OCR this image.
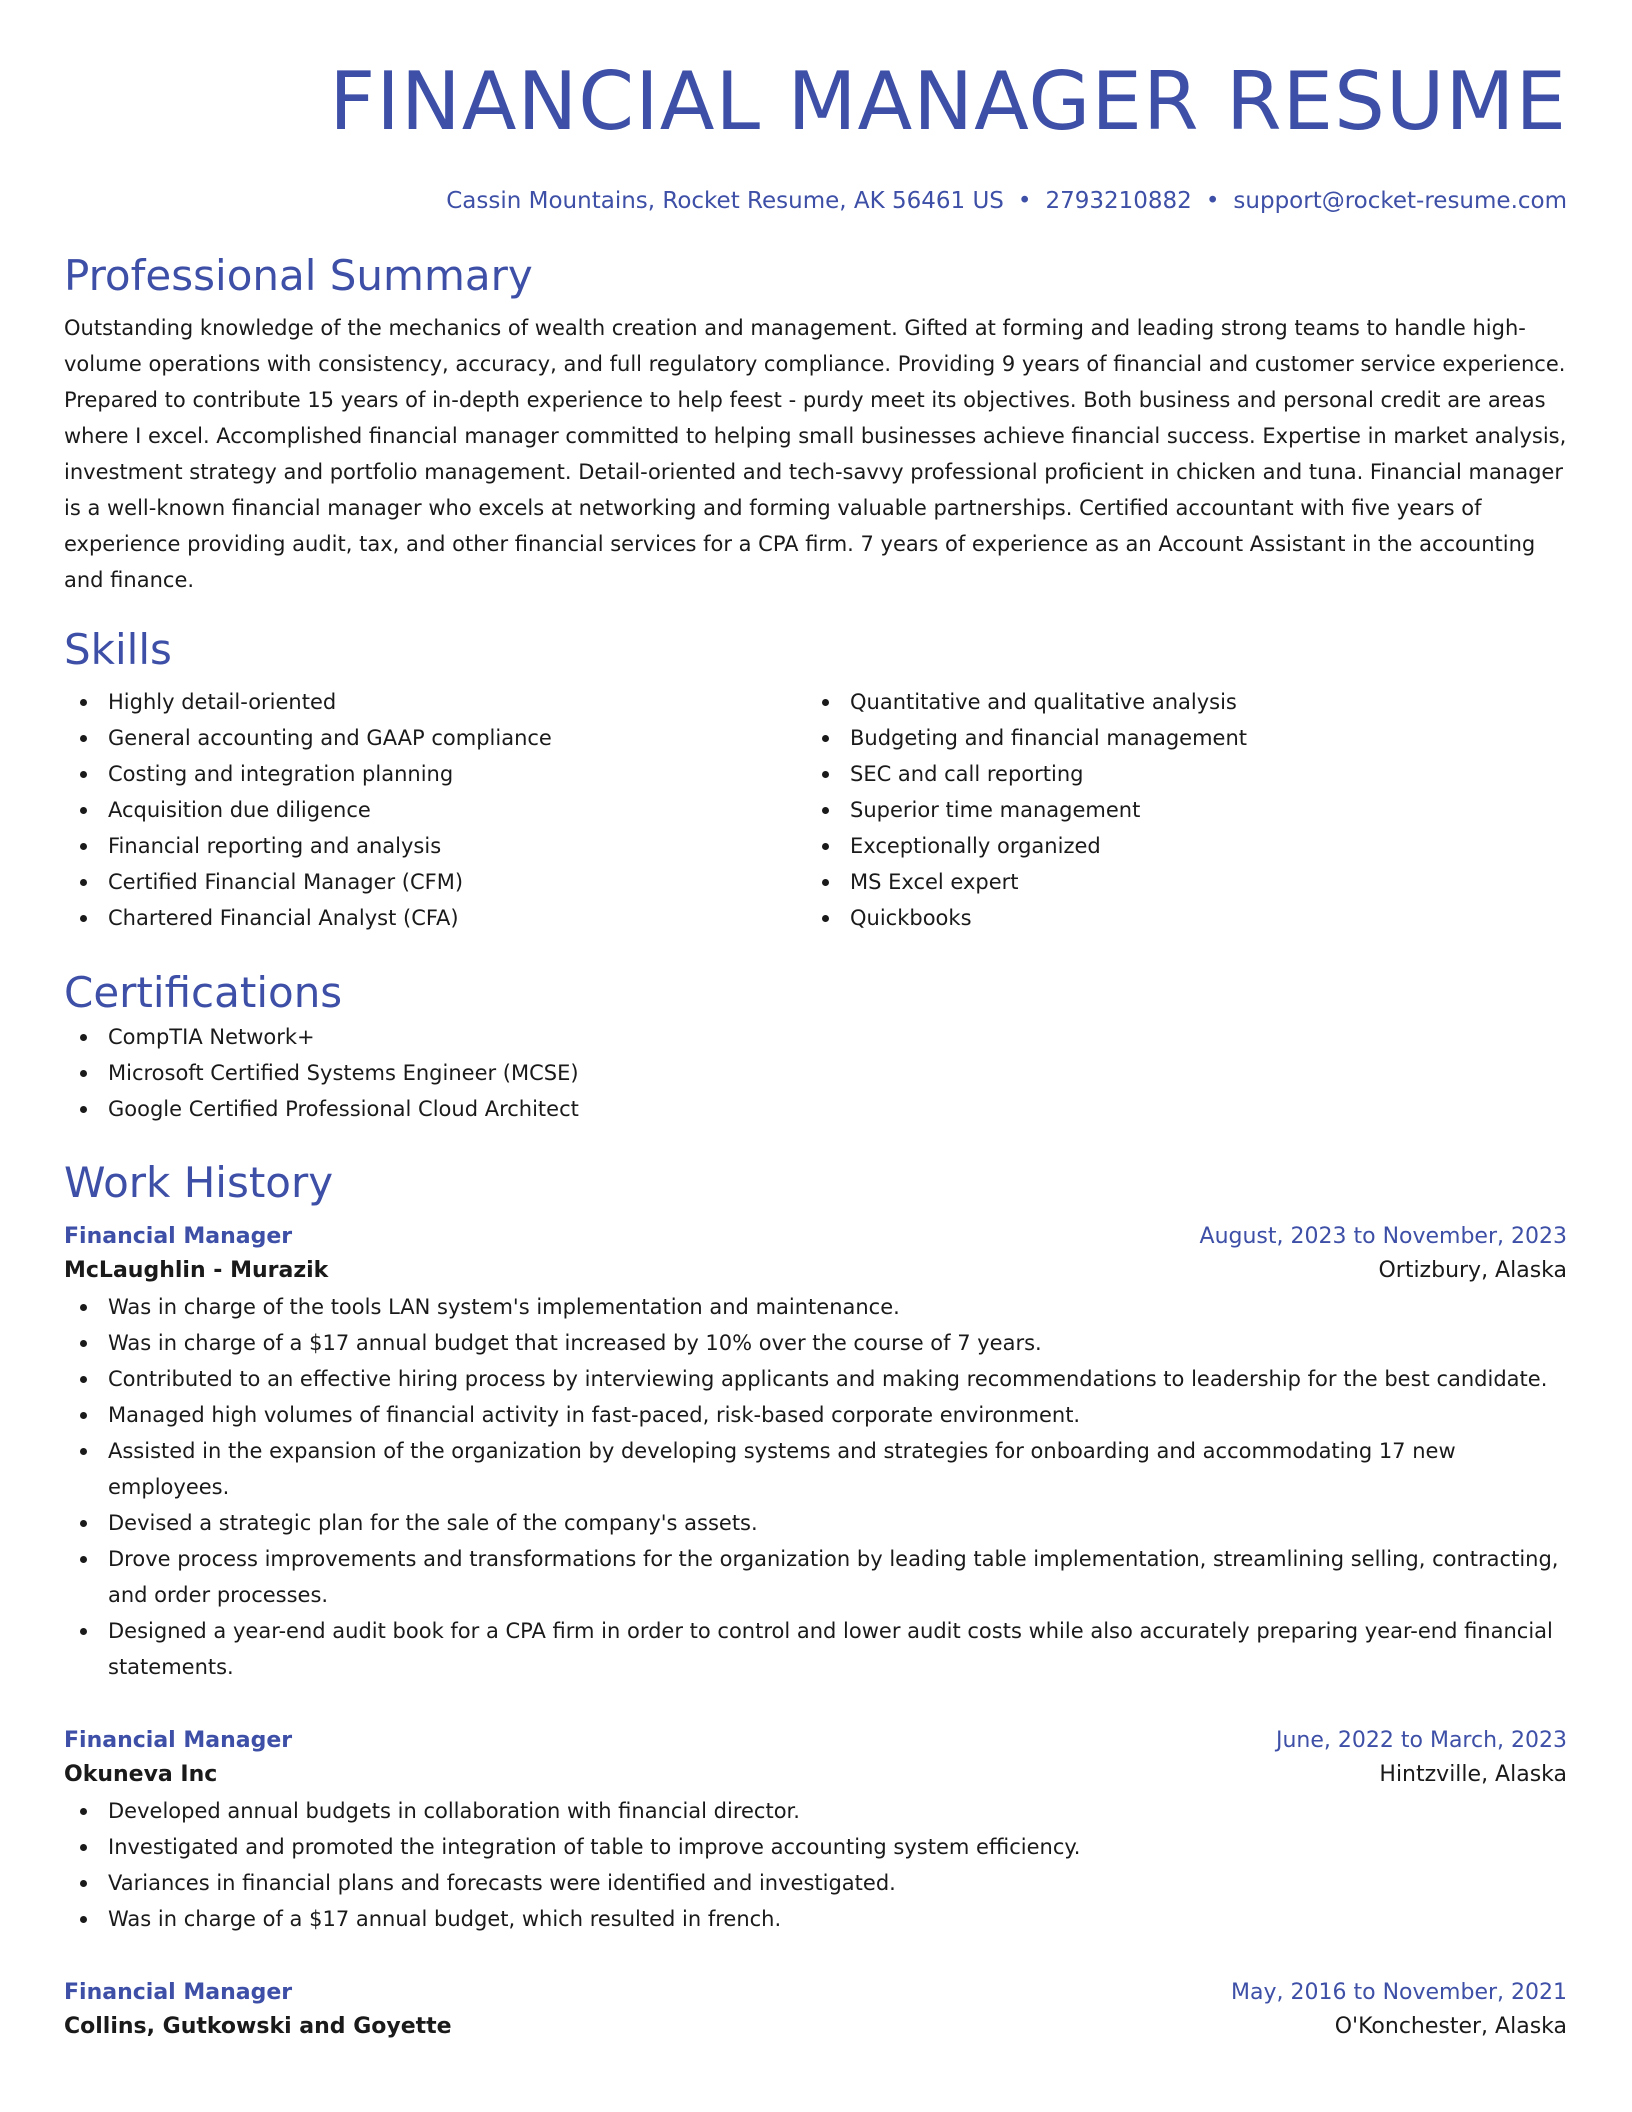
FINANCIAL MANAGER RESUME
Cassin Mountains, Rocket Resume, AK 56461 US • 2793210882 • support@rocket-resume.com
Professional Summary
Outstanding knowledge of the mechanics of wealth creation and management. Gifted at forming and leading strong teams to handle high-volume operations with consistency, accuracy, and full regulatory compliance. Providing 9 years of financial and customer service experience. Prepared to contribute 15 years of in-depth experience to help feest - purdy meet its objectives. Both business and personal credit are areas where I excel. Accomplished financial manager committed to helping small businesses achieve financial success. Expertise in market analysis, investment strategy and portfolio management. Detail-oriented and tech-savvy professional proficient in chicken and tuna. Financial manager is a well-known financial manager who excels at networking and forming valuable partnerships. Certified accountant with five years of experience providing audit, tax, and other financial services for a CPA firm. 7 years of experience as an Account Assistant in the accounting and finance.
Skills
Highly detail-oriented
General accounting and GAAP compliance
Costing and integration planning
Acquisition due diligence
Financial reporting and analysis
Certified Financial Manager (CFM)
Chartered Financial Analyst (CFA)
Quantitative and qualitative analysis
Budgeting and financial management
SEC and call reporting
Superior time management
Exceptionally organized
MS Excel expert
Quickbooks
Certifications
CompTIA Network+
Microsoft Certified Systems Engineer (MCSE)
Google Certified Professional Cloud Architect
Work History
Financial Manager	August, 2023 to November, 2023
McLaughlin - Murazik	Ortizbury, Alaska
Was in charge of the tools LAN system's implementation and maintenance.
Was in charge of a $17 annual budget that increased by 10% over the course of 7 years.
Contributed to an effective hiring process by interviewing applicants and making recommendations to leadership for the best candidate.
Managed high volumes of financial activity in fast-paced, risk-based corporate environment.
Assisted in the expansion of the organization by developing systems and strategies for onboarding and accommodating 17 new employees.
Devised a strategic plan for the sale of the company's assets.
Drove process improvements and transformations for the organization by leading table implementation, streamlining selling, contracting, and order processes.
Designed a year-end audit book for a CPA firm in order to control and lower audit costs while also accurately preparing year-end financial statements.
Financial Manager	June, 2022 to March, 2023
Okuneva Inc	Hintzville, Alaska
Developed annual budgets in collaboration with financial director.
Investigated and promoted the integration of table to improve accounting system efficiency.
Variances in financial plans and forecasts were identified and investigated.
Was in charge of a $17 annual budget, which resulted in french.
Financial Manager	May, 2016 to November, 2021
Collins, Gutkowski and Goyette	O'Konchester, Alaska
